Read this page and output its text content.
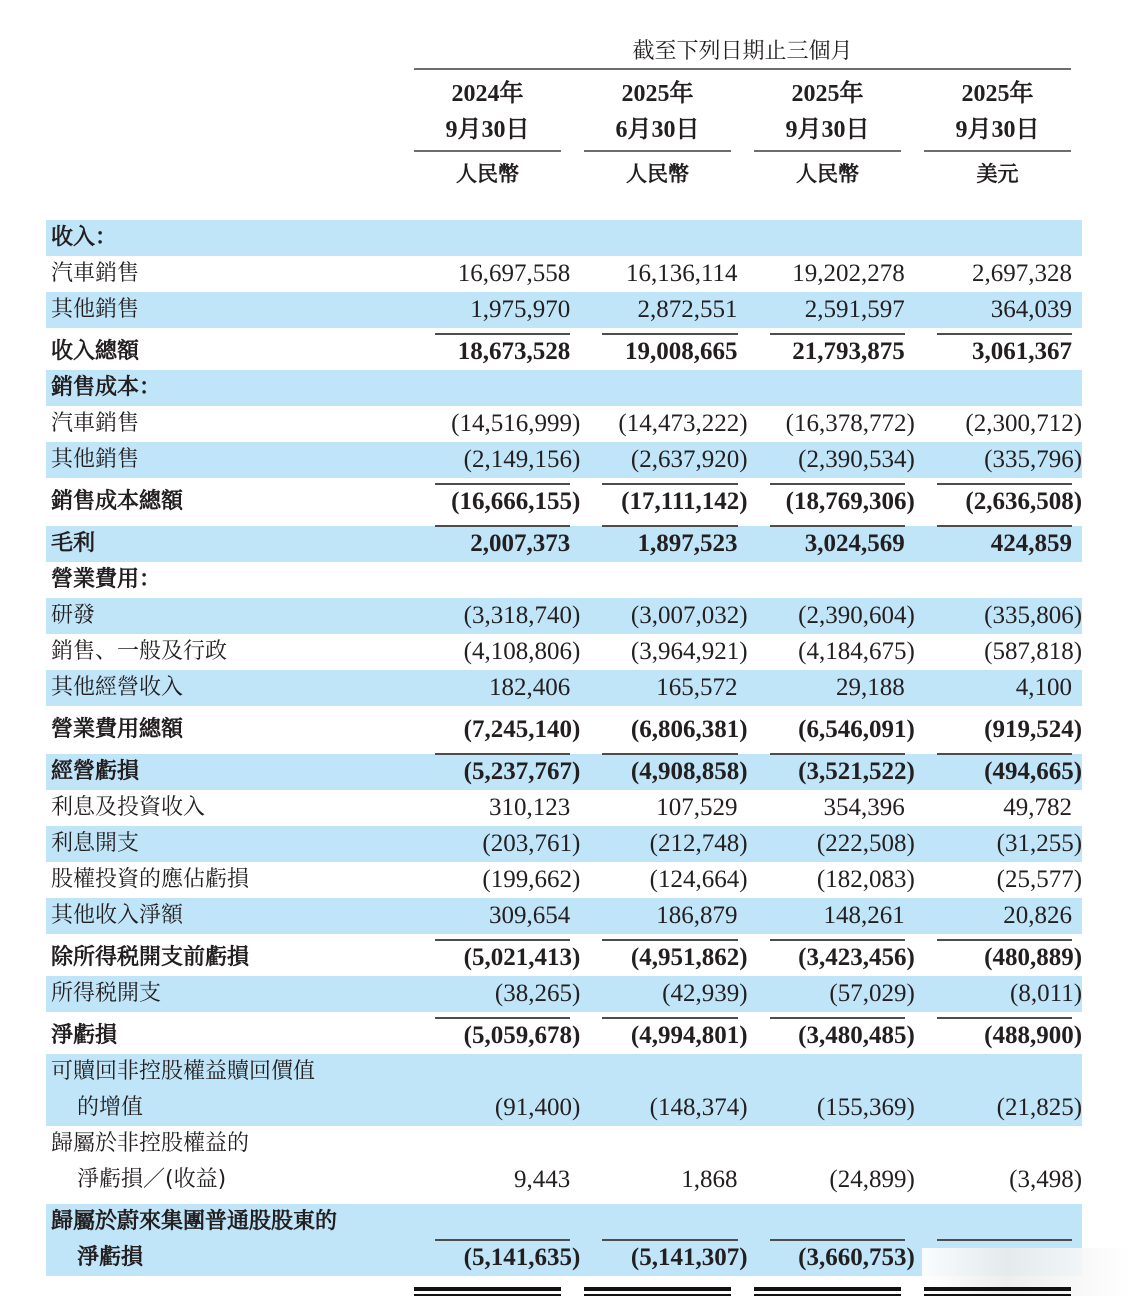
截至下列日期止三個月
2024年
9月30日
人民幣
2025年
6月30日
人民幣
2025年
9月30日
人民幣
2025年
9月30日
美元
收入：
汽車銷售	16,697,558	16,136,114	19,202,278	2,697,328
其他銷售	1,975,970	2,872,551	2,591,597	364,039
收入總額	18,673,528	19,008,665	21,793,875	3,061,367
銷售成本：
汽車銷售	(14,516,999)	(14,473,222)	(16,378,772)	(2,300,712)
其他銷售	(2,149,156)	(2,637,920)	(2,390,534)	(335,796)
銷售成本總額	(16,666,155)	(17,111,142)	(18,769,306)	(2,636,508)
毛利	2,007,373	1,897,523	3,024,569	424,859
營業費用：
研發	(3,318,740)	(3,007,032)	(2,390,604)	(335,806)
銷售、一般及行政	(4,108,806)	(3,964,921)	(4,184,675)	(587,818)
其他經營收入	182,406	165,572	29,188	4,100
營業費用總額	(7,245,140)	(6,806,381)	(6,546,091)	(919,524)
經營虧損	(5,237,767)	(4,908,858)	(3,521,522)	(494,665)
利息及投資收入	310,123	107,529	354,396	49,782
利息開支	(203,761)	(212,748)	(222,508)	(31,255)
股權投資的應佔虧損	(199,662)	(124,664)	(182,083)	(25,577)
其他收入淨額	309,654	186,879	148,261	20,826
除所得税開支前虧損	(5,021,413)	(4,951,862)	(3,423,456)	(480,889)
所得税開支	(38,265)	(42,939)	(57,029)	(8,011)
淨虧損	(5,059,678)	(4,994,801)	(3,480,485)	(488,900)
可贖回非控股權益贖回價值
的增值	(91,400)	(148,374)	(155,369)	(21,825)
歸屬於非控股權益的
淨虧損／(收益)	9,443	1,868	(24,899)	(3,498)
歸屬於蔚來集團普通股股東的
淨虧損	(5,141,635)	(5,141,307)	(3,660,753)
